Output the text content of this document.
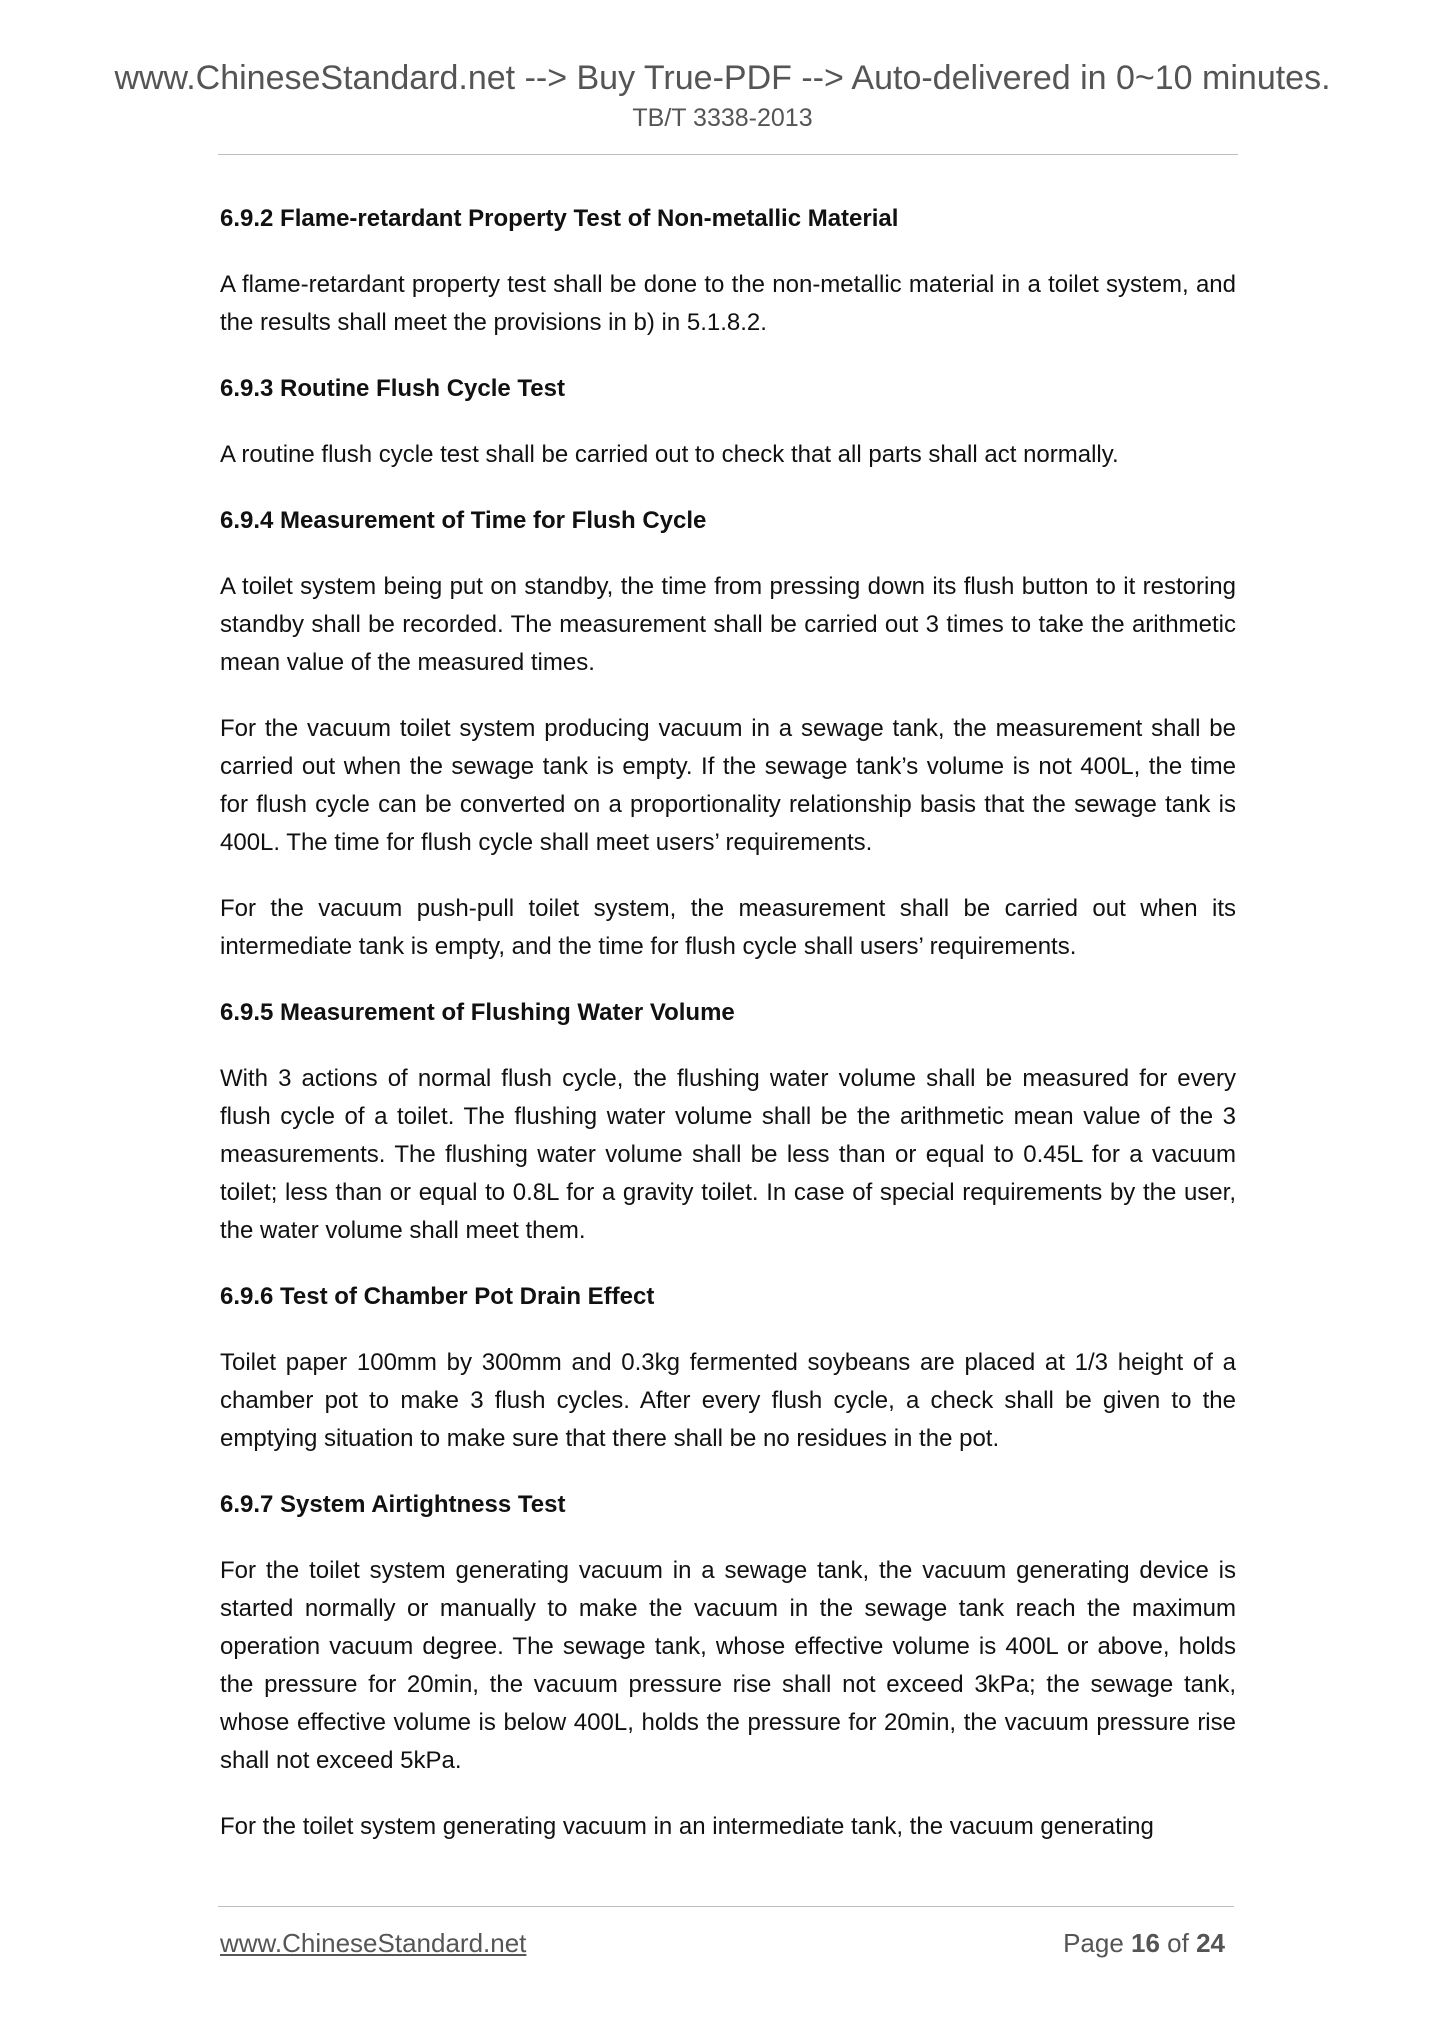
www.ChineseStandard.net --> Buy True-PDF --> Auto-delivered in 0~10 minutes.
TB/T 3338-2013
6.9.2 Flame-retardant Property Test of Non-metallic Material
A flame-retardant property test shall be done to the non-metallic material in a toilet system, and the results shall meet the provisions in b) in 5.1.8.2.
6.9.3 Routine Flush Cycle Test
A routine flush cycle test shall be carried out to check that all parts shall act normally.
6.9.4 Measurement of Time for Flush Cycle
A toilet system being put on standby, the time from pressing down its flush button to it restoring standby shall be recorded. The measurement shall be carried out 3 times to take the arithmetic mean value of the measured times.
For the vacuum toilet system producing vacuum in a sewage tank, the measurement shall be carried out when the sewage tank is empty. If the sewage tank’s volume is not 400L, the time for flush cycle can be converted on a proportionality relationship basis that the sewage tank is 400L. The time for flush cycle shall meet users’ requirements.
For the vacuum push-pull toilet system, the measurement shall be carried out when its intermediate tank is empty, and the time for flush cycle shall users’ requirements.
6.9.5 Measurement of Flushing Water Volume
With 3 actions of normal flush cycle, the flushing water volume shall be measured for every flush cycle of a toilet. The flushing water volume shall be the arithmetic mean value of the 3 measurements. The flushing water volume shall be less than or equal to 0.45L for a vacuum toilet; less than or equal to 0.8L for a gravity toilet. In case of special requirements by the user, the water volume shall meet them.
6.9.6 Test of Chamber Pot Drain Effect
Toilet paper 100mm by 300mm and 0.3kg fermented soybeans are placed at 1/3 height of a chamber pot to make 3 flush cycles. After every flush cycle, a check shall be given to the emptying situation to make sure that there shall be no residues in the pot.
6.9.7 System Airtightness Test
For the toilet system generating vacuum in a sewage tank, the vacuum generating device is started normally or manually to make the vacuum in the sewage tank reach the maximum operation vacuum degree. The sewage tank, whose effective volume is 400L or above, holds the pressure for 20min, the vacuum pressure rise shall not exceed 3kPa; the sewage tank, whose effective volume is below 400L, holds the pressure for 20min, the vacuum pressure rise shall not exceed 5kPa.
For the toilet system generating vacuum in an intermediate tank, the vacuum generating
www.ChineseStandard.net	Page 16 of 24
